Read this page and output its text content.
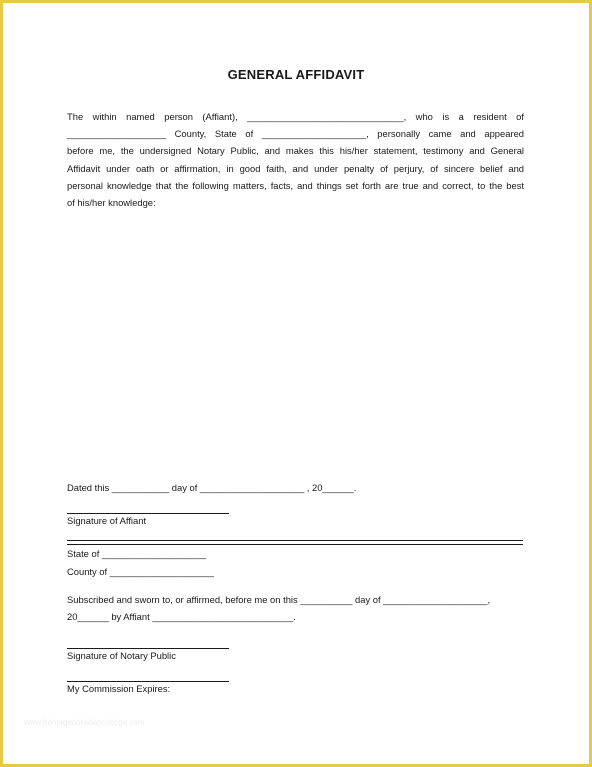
GENERAL AFFIDAVIT
The within named person (Affiant), ______________________________, who is a resident of
___________________ County, State of ____________________, personally came and appeared
before me, the undersigned Notary Public, and makes this his/her statement, testimony and General
Affidavit under oath or affirmation, in good faith, and under penalty of perjury, of sincere belief and
personal knowledge that the following matters, facts, and things set forth are true and correct, to the best
of his/her knowledge:
Dated this ___________ day of ____________________ , 20______.
Signature of Affiant
State of ____________________
County of ____________________
Subscribed and sworn to, or affirmed, before me on this __________ day of ____________________,
20______ by Affiant ___________________________.
Signature of Notary Public
My Commission Expires:
www.heritagechristiancollege.com
